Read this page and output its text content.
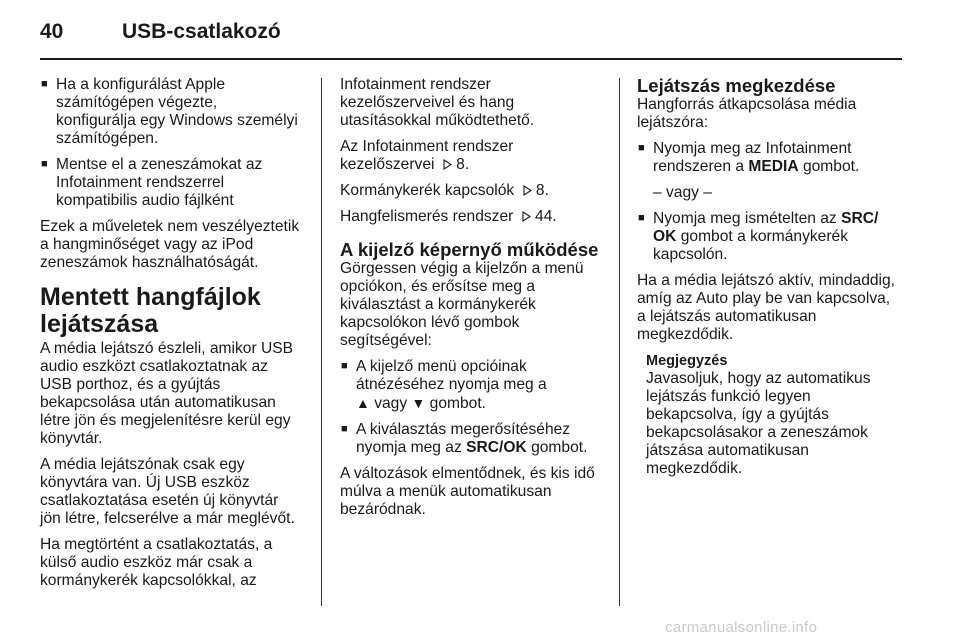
40	USB-csatlakozó
■ Ha a konfigurálást Apple
számítógépen végezte,
konfigurálja egy Windows személyi
számítógépen.
■ Mentse el a zeneszámokat az
Infotainment rendszerrel
kompatibilis audio fájlként

Ezek a műveletek nem veszélyeztetik
a hangminőséget vagy az iPod
zeneszámok használhatóságát.

Mentett hangfájlok
lejátszása

A média lejátszó észleli, amikor USB
audio eszközt csatlakoztatnak az
USB porthoz, és a gyújtás
bekapcsolása után automatikusan
létre jön és megjelenítésre kerül egy
könyvtár.

A média lejátszónak csak egy
könyvtára van. Új USB eszköz
csatlakoztatása esetén új könyvtár
jön létre, felcserélve a már meglévőt.

Ha megtörtént a csatlakoztatás, a
külső audio eszköz már csak a
kormánykerék kapcsolókkal, az

Infotainment rendszer
kezelőszerveivel és hang
utasításokkal működtethető.

Az Infotainment rendszer
kezelőszervei  8.

Kormánykerék kapcsolók  8.

Hangfelismerés rendszer  44.

A kijelző képernyő működése

Görgessen végig a kijelzőn a menü
opciókon, és erősítse meg a
kiválasztást a kormánykerék
kapcsolókon lévő gombok
segítségével:

■ A kijelző menü opcióinak
átnézéséhez nyomja meg a
▲ vagy ▼ gombot.
■ A kiválasztás megerősítéséhez
nyomja meg az SRC/OK gombot.

A változások elmentődnek, és kis idő
múlva a menük automatikusan
bezáródnak.

Lejátszás megkezdése

Hangforrás átkapcsolása média
lejátszóra:

■ Nyomja meg az Infotainment
rendszeren a MEDIA gombot.

– vagy –

■ Nyomja meg ismételten az SRC/
OK gombot a kormánykerék
kapcsolón.

Ha a média lejátszó aktív, mindaddig,
amíg az Auto play be van kapcsolva,
a lejátszás automatikusan
megkezdődik.

Megjegyzés
Javasoljuk, hogy az automatikus
lejátszás funkció legyen
bekapcsolva, így a gyújtás
bekapcsolásakor a zeneszámok
játszása automatikusan
megkezdődik.
carmanualsonline.info
